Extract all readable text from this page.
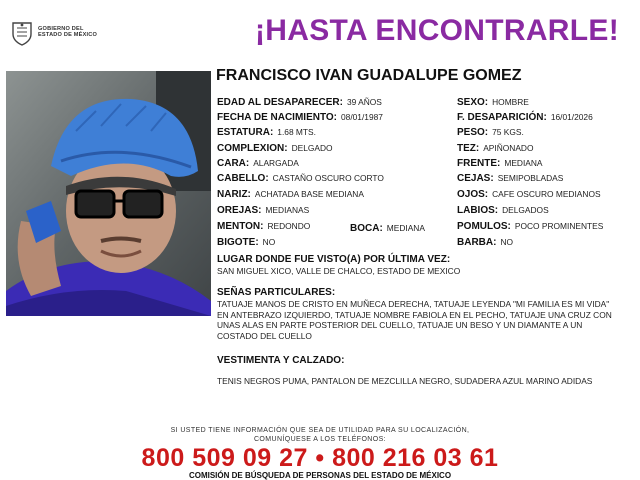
GOBIERNO DEL
ESTADO DE MÉXICO	¡HASTA ENCONTRARLE!
FRANCISCO IVAN GUADALUPE GOMEZ
EDAD AL DESAPARECER: 39 AÑOS
FECHA DE NACIMIENTO: 08/01/1987
ESTATURA: 1.68 MTS.
COMPLEXION: DELGADO
CARA: ALARGADA
CABELLO: CASTAÑO OSCURO CORTO
NARIZ: ACHATADA BASE MEDIANA
OREJAS: MEDIANAS
MENTON: REDONDO	BOCA: MEDIANA
BIGOTE: NO
SEXO: HOMBRE
F. DESAPARICIÓN: 16/01/2026
PESO: 75 KGS.
TEZ: APIÑONADO
FRENTE: MEDIANA
CEJAS: SEMIPOBLADAS
OJOS: CAFE OSCURO MEDIANOS
LABIOS: DELGADOS
POMULOS: POCO PROMINENTES
BARBA: NO
LUGAR DONDE FUE VISTO(A) POR ÚLTIMA VEZ:
SAN MIGUEL XICO, VALLE DE CHALCO, ESTADO DE MEXICO
SEÑAS PARTICULARES:
TATUAJE MANOS DE CRISTO EN MUÑECA DERECHA, TATUAJE LEYENDA "MI FAMILIA ES MI VIDA" EN ANTEBRAZO IZQUIERDO, TATUAJE NOMBRE FABIOLA EN EL PECHO, TATUAJE UNA CRUZ CON UNAS ALAS EN PARTE POSTERIOR DEL CUELLO, TATUAJE UN BESO Y UN DIAMANTE A UN COSTADO DEL CUELLO
VESTIMENTA Y CALZADO:
TENIS NEGROS PUMA, PANTALON DE MEZCLILLA NEGRO, SUDADERA AZUL MARINO ADIDAS
SI USTED TIENE INFORMACIÓN QUE SEA DE UTILIDAD PARA SU LOCALIZACIÓN,
COMUNÍQUESE A LOS TELÉFONOS:
800 509 09 27 • 800 216 03 61
COMISIÓN DE BÚSQUEDA DE PERSONAS DEL ESTADO DE MÉXICO
